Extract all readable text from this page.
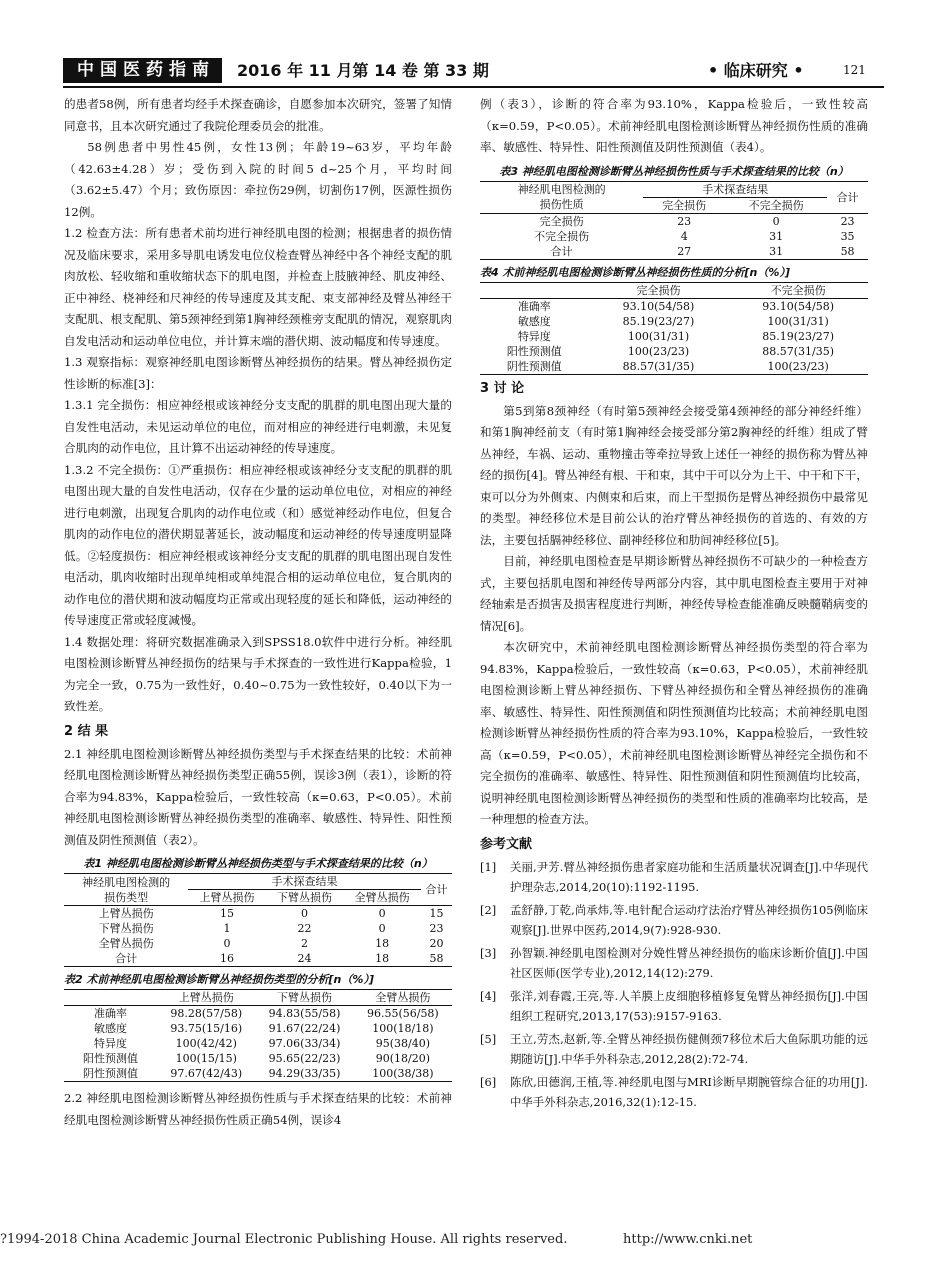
中国医药指南	2016 年 11 月第 14 卷 第 33 期	• 临床研究 •	121

的患者58例，所有患者均经手术探查确诊，自愿参加本次研究，签署了知情同意书，且本次研究通过了我院伦理委员会的批准。

58例患者中男性45例，女性13例；年龄19~63岁，平均年龄（42.63±4.28）岁；受伤到入院的时间5 d~25个月，平均时间（3.62±5.47）个月；致伤原因：牵拉伤29例，切割伤17例，医源性损伤12例。

1.2 检查方法：所有患者术前均进行神经肌电图的检测；根据患者的损伤情况及临床要求，采用多导肌电诱发电位仪检查臂丛神经中各个神经支配的肌肉放松、轻收缩和重收缩状态下的肌电图，并检查上肢腋神经、肌皮神经、正中神经、桡神经和尺神经的传导速度及其支配、束支部神经及臂丛神经干支配肌、根支配肌、第5颈神经到第1胸神经颈椎旁支配肌的情况，观察肌肉自发电活动和运动单位电位，并计算末端的潜伏期、波动幅度和传导速度。

1.3 观察指标：观察神经肌电图诊断臂丛神经损伤的结果。臂丛神经损伤定性诊断的标准[3]：

1.3.1 完全损伤：相应神经根或该神经分支支配的肌群的肌电图出现大量的自发性电活动，未见运动单位的电位，而对相应的神经进行电刺激，未见复合肌肉的动作电位，且计算不出运动神经的传导速度。

1.3.2 不完全损伤：①严重损伤：相应神经根或该神经分支支配的肌群的肌电图出现大量的自发性电活动，仅存在少量的运动单位电位，对相应的神经进行电刺激，出现复合肌肉的动作电位或（和）感觉神经动作电位，但复合肌肉的动作电位的潜伏期显著延长，波动幅度和运动神经的传导速度明显降低。②轻度损伤：相应神经根或该神经分支支配的肌群的肌电图出现自发性电活动，肌肉收缩时出现单纯相或单纯混合相的运动单位电位，复合肌肉的动作电位的潜伏期和波动幅度均正常或出现轻度的延长和降低，运动神经的传导速度正常或轻度减慢。

1.4 数据处理：将研究数据准确录入到SPSS18.0软件中进行分析。神经肌电图检测诊断臂丛神经损伤的结果与手术探查的一致性进行Kappa检验，1为完全一致，0.75为一致性好，0.40~0.75为一致性较好，0.40以下为一致性差。

2 结 果

2.1 神经肌电图检测诊断臂丛神经损伤类型与手术探查结果的比较：术前神经肌电图检测诊断臂丛神经损伤类型正确55例，误诊3例（表1），诊断的符合率为94.83%，Kappa检验后，一致性较高（κ=0.63，P<0.05）。术前神经肌电图检测诊断臂丛神经损伤类型的准确率、敏感性、特异性、阳性预测值及阴性预测值（表2）。

表1 神经肌电图检测诊断臂丛神经损伤类型与手术探查结果的比较（n）
神经肌电图检测的
损伤类型	手术探查结果			合计
	上臂丛损伤	下臂丛损伤	全臂丛损伤	
上臂丛损伤	15	0	0	15
下臂丛损伤	1	22	0	23
全臂丛损伤	0	2	18	20
合计	16	24	18	58
表2 术前神经肌电图检测诊断臂丛神经损伤类型的分析[n（%）]
	上臂丛损伤	下臂丛损伤	全臂丛损伤
准确率	98.28(57/58)	94.83(55/58)	96.55(56/58)
敏感度	93.75(15/16)	91.67(22/24)	100(18/18)
特异度	100(42/42)	97.06(33/34)	95(38/40)
阳性预测值	100(15/15)	95.65(22/23)	90(18/20)
阴性预测值	97.67(42/43)	94.29(33/35)	100(38/38)

2.2 神经肌电图检测诊断臂丛神经损伤性质与手术探查结果的比较：术前神经肌电图检测诊断臂丛神经损伤性质正确54例，误诊4

例（表3），诊断的符合率为93.10%，Kappa检验后，一致性较高（κ=0.59，P<0.05）。术前神经肌电图检测诊断臂丛神经损伤性质的准确率、敏感性、特异性、阳性预测值及阴性预测值（表4）。

表3 神经肌电图检测诊断臂丛神经损伤性质与手术探查结果的比较（n）
神经肌电图检测的
损伤性质	手术探查结果		合计
	完全损伤	不完全损伤	
完全损伤	23	0	23
不完全损伤	4	31	35
合计	27	31	58
表4 术前神经肌电图检测诊断臂丛神经损伤性质的分析[n（%）]
	完全损伤	不完全损伤
准确率	93.10(54/58)	93.10(54/58)
敏感度	85.19(23/27)	100(31/31)
特异度	100(31/31)	85.19(23/27)
阳性预测值	100(23/23)	88.57(31/35)
阴性预测值	88.57(31/35)	100(23/23)
3 讨 论

第5到第8颈神经（有时第5颈神经会接受第4颈神经的部分神经纤维）和第1胸神经前支（有时第1胸神经会接受部分第2胸神经的纤维）组成了臂丛神经，车祸、运动、重物撞击等牵拉导致上述任一神经的损伤称为臂丛神经的损伤[4]。臂丛神经有根、干和束，其中干可以分为上干、中干和下干，束可以分为外侧束、内侧束和后束，而上干型损伤是臂丛神经损伤中最常见的类型。神经移位术是目前公认的治疗臂丛神经损伤的首选的、有效的方法，主要包括膈神经移位、副神经移位和肋间神经移位[5]。

目前，神经肌电图检查是早期诊断臂丛神经损伤不可缺少的一种检查方式，主要包括肌电图和神经传导两部分内容，其中肌电图检查主要用于对神经轴索是否损害及损害程度进行判断，神经传导检查能准确反映髓鞘病变的情况[6]。

本次研究中，术前神经肌电图检测诊断臂丛神经损伤类型的符合率为94.83%，Kappa检验后，一致性较高（κ=0.63，P<0.05），术前神经肌电图检测诊断上臂丛神经损伤、下臂丛神经损伤和全臂丛神经损伤的准确率、敏感性、特异性、阳性预测值和阴性预测值均比较高；术前神经肌电图检测诊断臂丛神经损伤性质的符合率为93.10%，Kappa检验后，一致性较高（κ=0.59，P<0.05），术前神经肌电图检测诊断臂丛神经完全损伤和不完全损伤的准确率、敏感性、特异性、阳性预测值和阴性预测值均比较高，说明神经肌电图检测诊断臂丛神经损伤的类型和性质的准确率均比较高，是一种理想的检查方法。

参考文献
[1] 关丽,尹芳.臂丛神经损伤患者家庭功能和生活质量状况调查[J].中华现代护理杂志,2014,20(10):1192-1195.
[2] 孟舒静,丁乾,尚承炜,等.电针配合运动疗法治疗臂丛神经损伤105例临床观察[J].世界中医药,2014,9(7):928-930.
[3] 孙智颖.神经肌电图检测对分娩性臂丛神经损伤的临床诊断价值[J].中国社区医师(医学专业),2012,14(12):279.
[4] 张洋,刘春霞,王亮,等.人羊膜上皮细胞移植修复兔臂丛神经损伤[J].中国组织工程研究,2013,17(53):9157-9163.
[5] 王立,劳杰,赵新,等.全臂丛神经损伤健侧颈7移位术后大鱼际肌功能的远期随访[J].中华手外科杂志,2012,28(2):72-74.
[6] 陈欣,田德润,王植,等.神经肌电图与MRI诊断早期腕管综合征的功用[J].中华手外科杂志,2016,32(1):12-15.
?1994-2018 China Academic Journal Electronic Publishing House. All rights reserved.	http://www.cnki.net
